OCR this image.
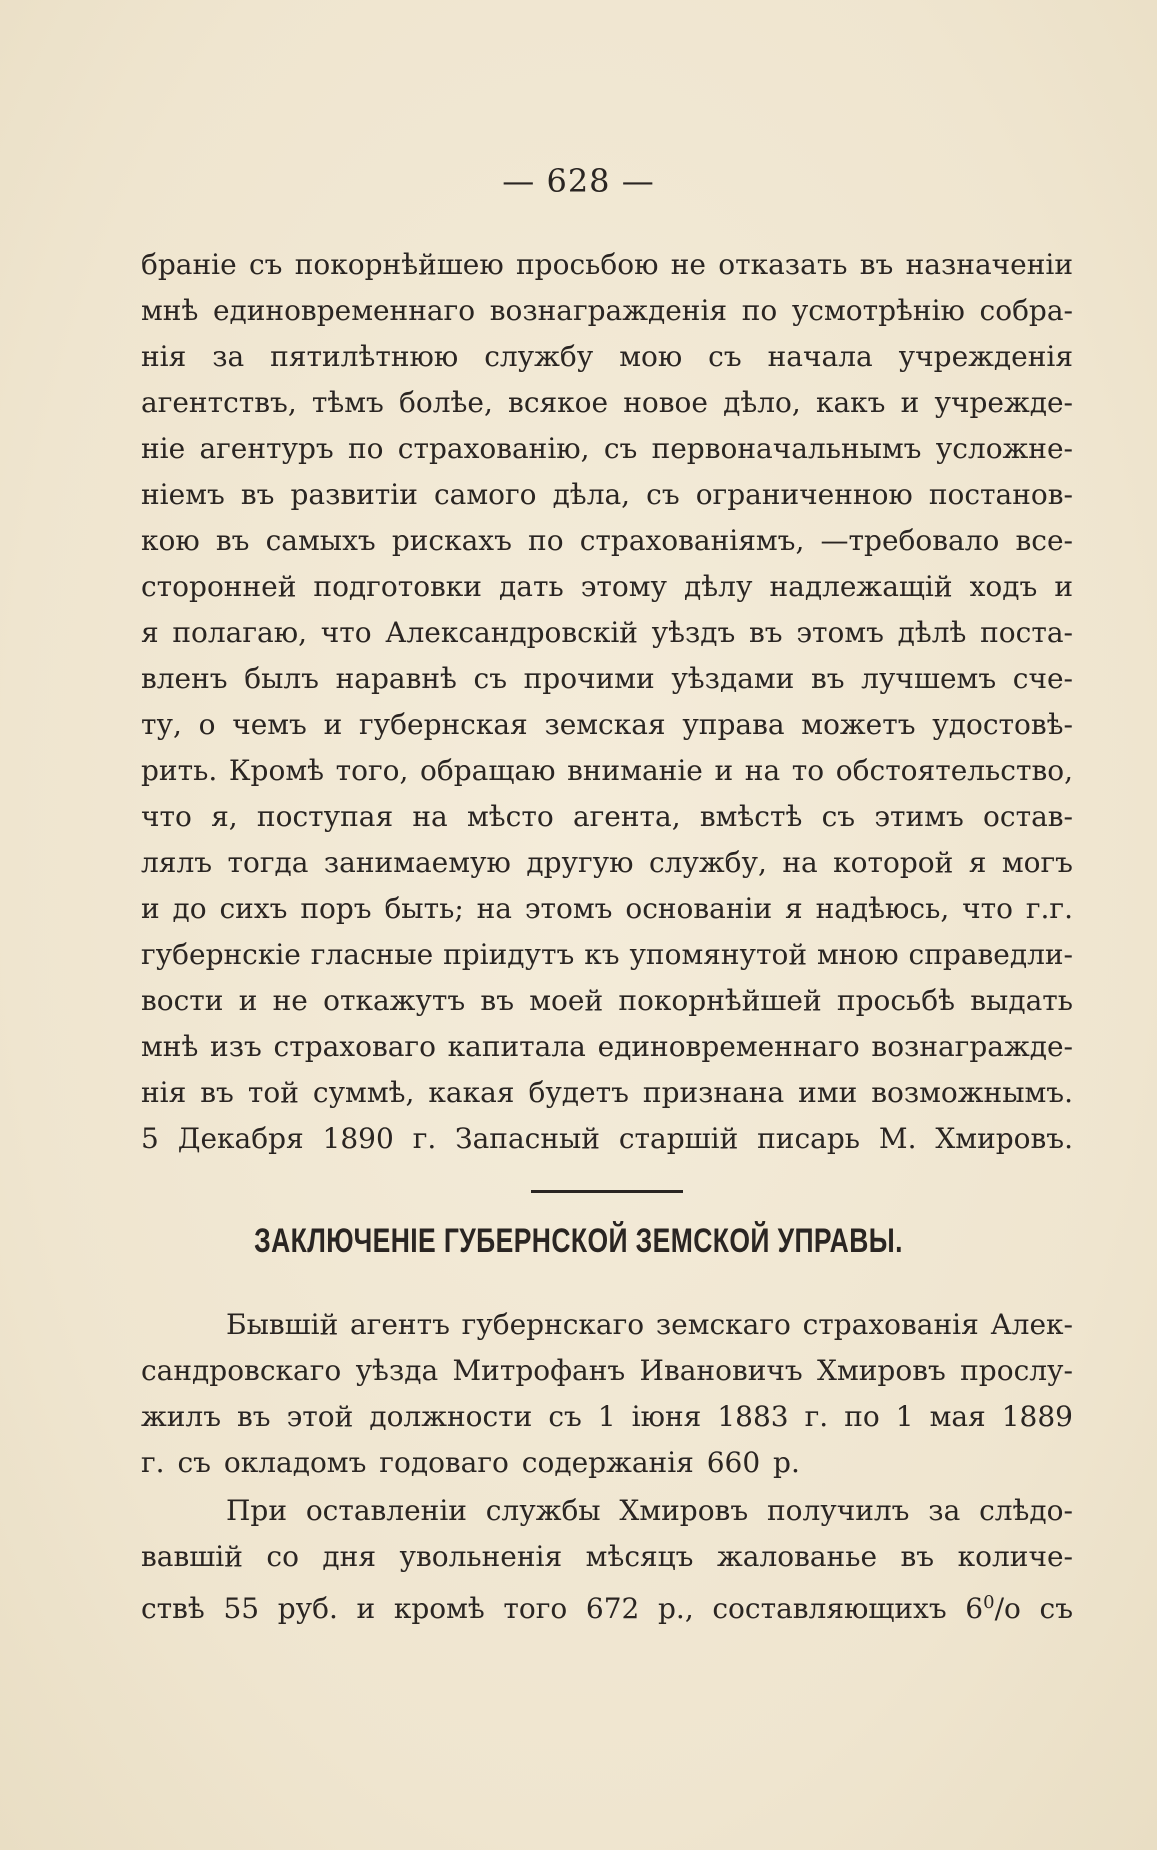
— 628 —
браніе съ покорнѣйшею просьбою не отказать въ назначеніи
мнѣ единовременнаго вознагражденія по усмотрѣнію собра-
нія за пятилѣтнюю службу мою съ начала учрежденія
агентствъ, тѣмъ болѣе, всякое новое дѣло, какъ и учрежде-
ніе агентуръ по страхованію, съ первоначальнымъ усложне-
ніемъ въ развитіи самого дѣла, съ ограниченною постанов-
кою въ самыхъ рискахъ по страхованіямъ, —требовало все-
сторонней подготовки дать этому дѣлу надлежащій ходъ и
я полагаю, что Александровскій уѣздъ въ этомъ дѣлѣ поста-
вленъ былъ наравнѣ съ прочими уѣздами въ лучшемъ сче-
ту, о чемъ и губернская земская управа можетъ удостовѣ-
рить. Кромѣ того, обращаю вниманіе и на то обстоятельство,
что я, поступая на мѣсто агента, вмѣстѣ съ этимъ остав-
лялъ тогда занимаемую другую службу, на которой я могъ
и до сихъ поръ быть; на этомъ основаніи я надѣюсь, что г.г.
губернскіе гласные пріидутъ къ упомянутой мною справедли-
вости и не откажутъ въ моей покорнѣйшей просьбѣ выдать
мнѣ изъ страховаго капитала единовременнаго вознагражде-
нія въ той суммѣ, какая будетъ признана ими возможнымъ.
5 Декабря 1890 г. Запасный старшій писарь М. Хмировъ.
ЗАКЛЮЧЕНІЕ ГУБЕРНСКОЙ ЗЕМСКОЙ УПРАВЫ.
Бывшій агентъ губернскаго земскаго страхованія Алек-
сандровскаго уѣзда Митрофанъ Ивановичъ Хмировъ прослу-
жилъ въ этой должности съ 1 іюня 1883 г. по 1 мая 1889
г. съ окладомъ годоваго содержанія 660 р.
При оставленіи службы Хмировъ получилъ за слѣдо-
вавшій со дня увольненія мѣсяцъ жалованье въ количе-
ствѣ 55 руб. и кромѣ того 672 р., составляющихъ $6^0/о$ съ
